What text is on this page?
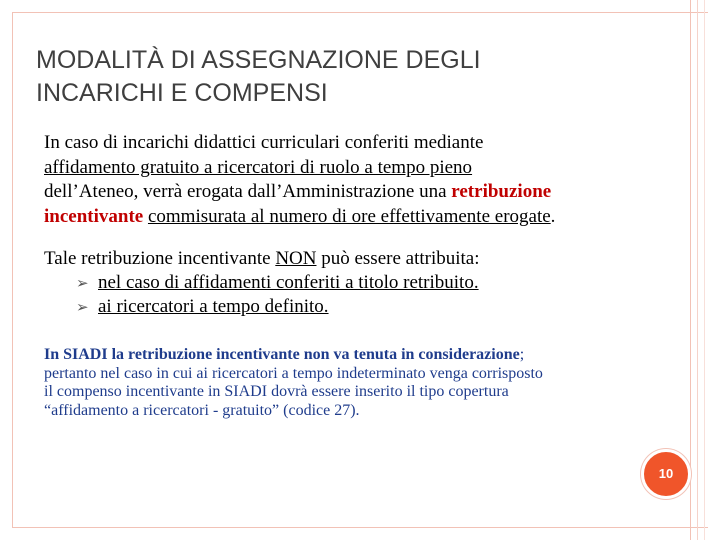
MODALITÀ DI ASSEGNAZIONE DEGLI
INCARICHI E COMPENSI
In caso di incarichi didattici curriculari conferiti mediante
affidamento gratuito a ricercatori di ruolo a tempo pieno
dell’Ateneo, verrà erogata dall’Amministrazione una retribuzione
incentivante commisurata al numero di ore effettivamente erogate.
Tale retribuzione incentivante NON può essere attribuita:
➢ nel caso di affidamenti conferiti a titolo retribuito.
➢ ai ricercatori a tempo definito.
In SIADI la retribuzione incentivante non va tenuta in considerazione;
pertanto nel caso in cui ai ricercatori a tempo indeterminato venga corrisposto
il compenso incentivante in SIADI dovrà essere inserito il tipo copertura
“affidamento a ricercatori - gratuito” (codice 27).
10
